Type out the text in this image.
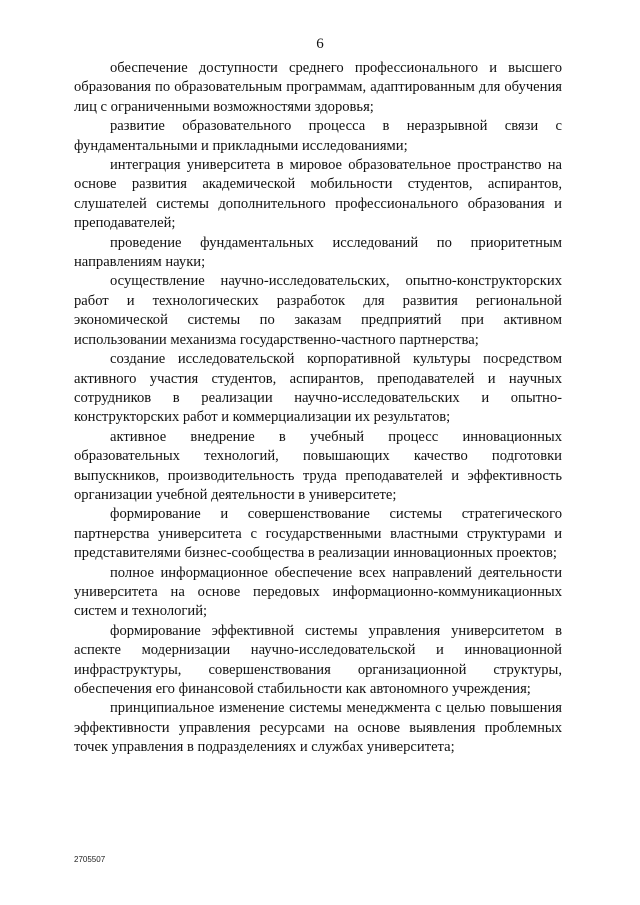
6

обеспечение доступности среднего профессионального и высшего образования по образовательным программам, адаптированным для обучения лиц с ограниченными возможностями здоровья;

развитие образовательного процесса в неразрывной связи с фундаментальными и прикладными исследованиями;

интеграция университета в мировое образовательное пространство на основе развития академической мобильности студентов, аспирантов, слушателей системы дополнительного профессионального образования и преподавателей;

проведение фундаментальных исследований по приоритетным направлениям науки;

осуществление научно-исследовательских, опытно-конструкторских работ и технологических разработок для развития региональной экономической системы по заказам предприятий при активном использовании механизма государственно-частного партнерства;

создание исследовательской корпоративной культуры посредством активного участия студентов, аспирантов, преподавателей и научных сотрудников в реализации научно-исследовательских и опытно-конструкторских работ и коммерциализации их результатов;

активное внедрение в учебный процесс инновационных образовательных технологий, повышающих качество подготовки выпускников, производительность труда преподавателей и эффективность организации учебной деятельности в университете;

формирование и совершенствование системы стратегического партнерства университета с государственными властными структурами и представителями бизнес-сообщества в реализации инновационных проектов;

полное информационное обеспечение всех направлений деятельности университета на основе передовых информационно-коммуникационных систем и технологий;

формирование эффективной системы управления университетом в аспекте модернизации научно-исследовательской и инновационной инфраструктуры, совершенствования организационной структуры, обеспечения его финансовой стабильности как автономного учреждения;

принципиальное изменение системы менеджмента с целью повышения эффективности управления ресурсами на основе выявления проблемных точек управления в подразделениях и службах университета;

2705507
